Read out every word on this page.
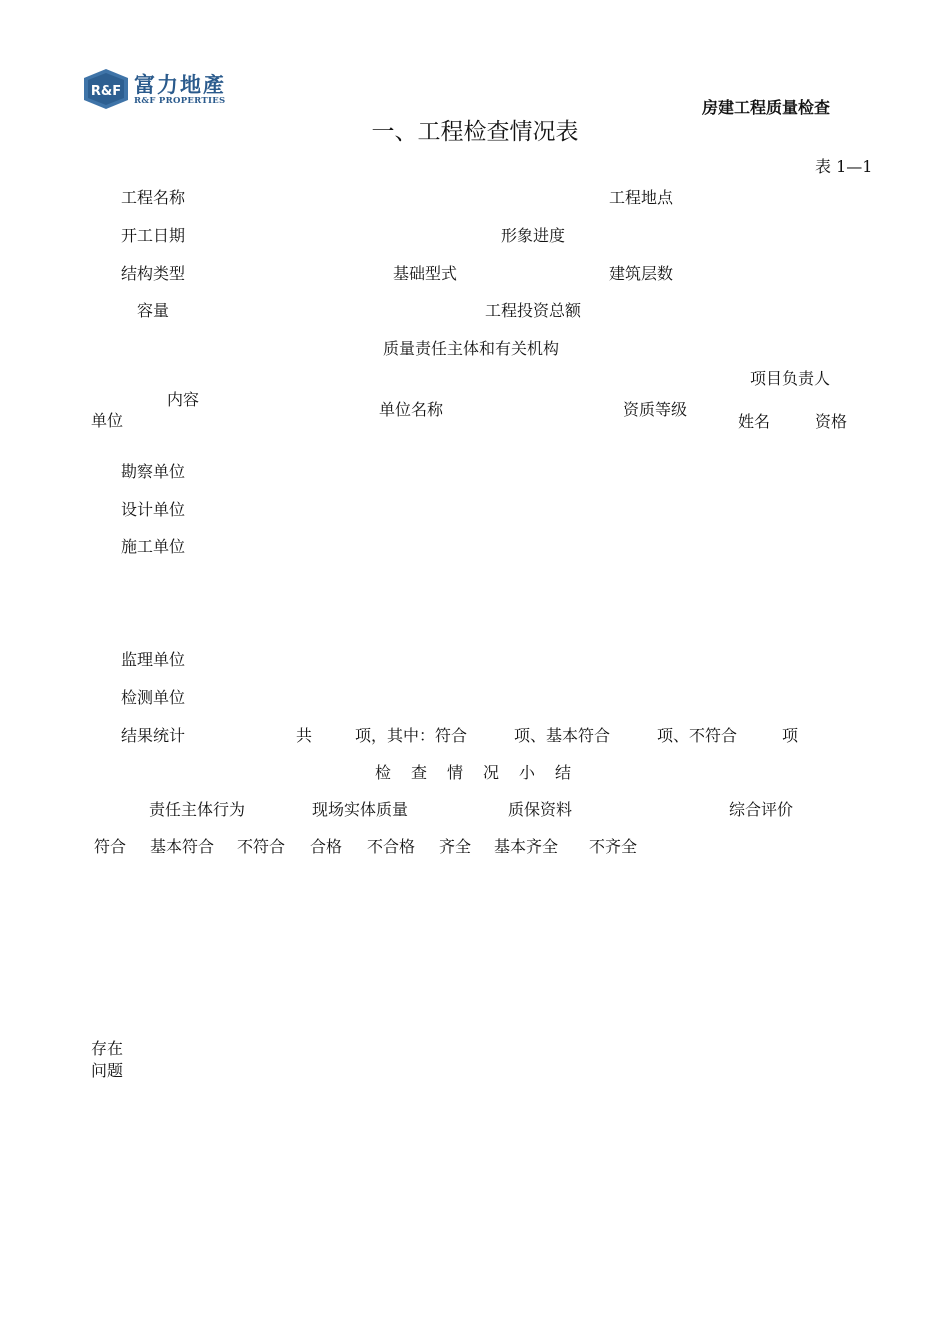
R&F 富力地產
R&F PROPERTIES	房建工程质量检查
一、工程检查情况表
表 1—1
工程名称	工程地点
开工日期	形象进度
结构类型	基础型式	建筑层数
容量	工程投资总额
质量责任主体和有关机构
项目负责人
内容
单位名称	资质等级
单位	姓名	资格
勘察单位
设计单位
施工单位
监理单位
检测单位
结果统计	共	项，其中：符合	项、基本符合	项、不符合	项
检 查 情 况 小 结
责任主体行为	现场实体质量	质保资料	综合评价
符合 基本符合 不符合 合格 不合格 齐全 基本齐全 不齐全
存在
问题
